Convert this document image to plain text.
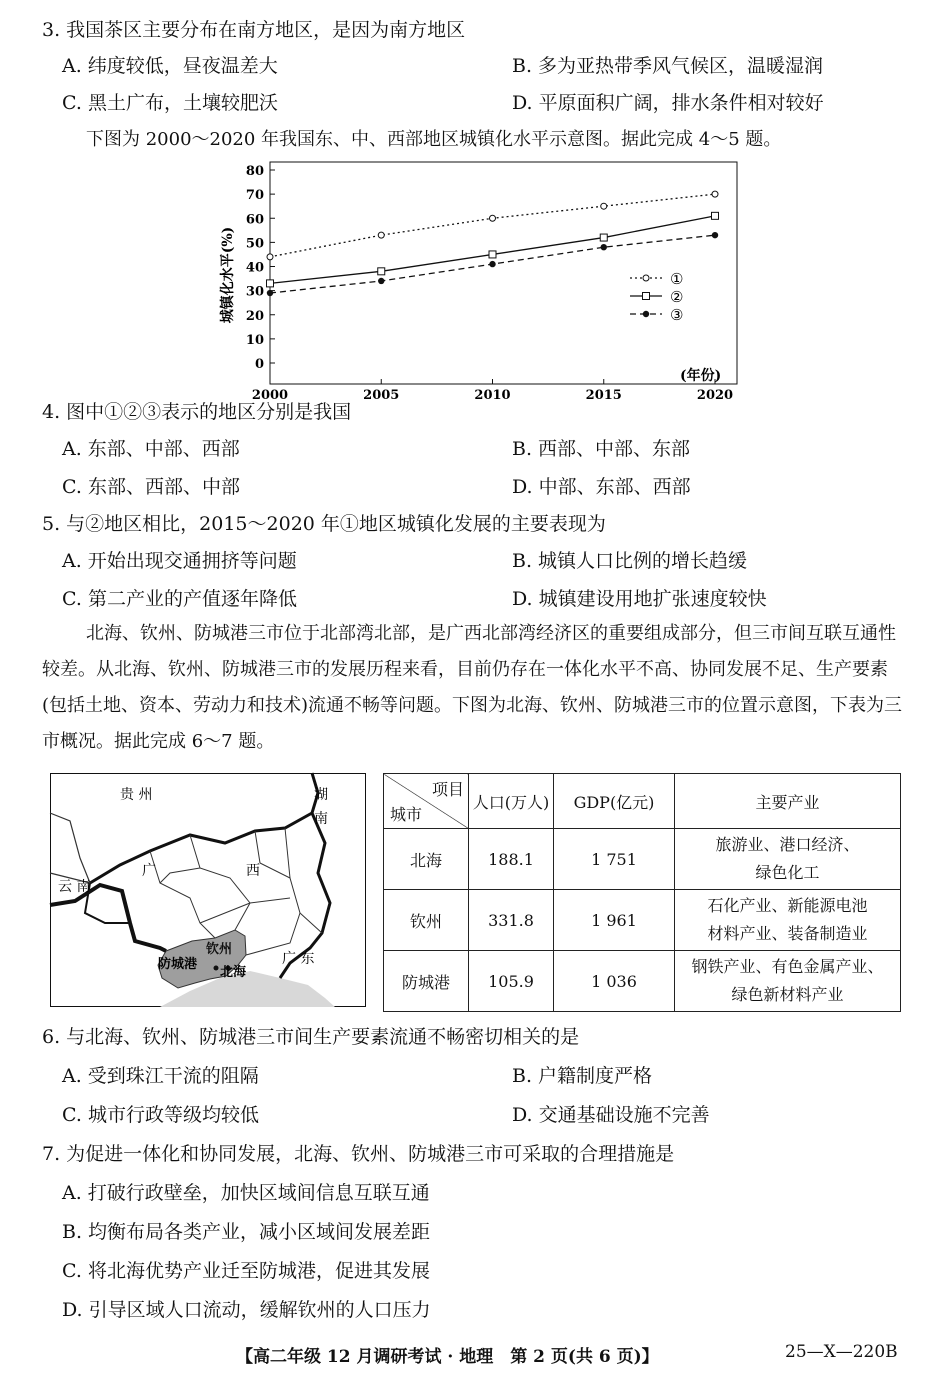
3. 我国茶区主要分布在南方地区，是因为南方地区
A. 纬度较低，昼夜温差大	B. 多为亚热带季风气候区，温暖湿润
C. 黑土广布，土壤较肥沃	D. 平原面积广阔，排水条件相对较好
下图为 2000～2020 年我国东、中、西部地区城镇化水平示意图。据此完成 4～5 题。
0
10
20
30
40
50
60
70
80
2000	2005	2010	2015	2020
①
②
③
城镇化水平(%)
(年份)
4. 图中①②③表示的地区分别是我国
A. 东部、中部、西部	B. 西部、中部、东部
C. 东部、西部、中部	D. 中部、东部、西部
5. 与②地区相比，2015～2020 年①地区城镇化发展的主要表现为
A. 开始出现交通拥挤等问题	B. 城镇人口比例的增长趋缓
C. 第二产业的产值逐年降低	D. 城镇建设用地扩张速度较快
北海、钦州、防城港三市位于北部湾北部，是广西北部湾经济区的重要组成部分，但三市间互联互通性较差。从北海、钦州、防城港三市的发展历程来看，目前仍存在一体化水平不高、协同发展不足、生产要素(包括土地、资本、劳动力和技术)流通不畅等问题。下图为北海、钦州、防城港三市的位置示意图，下表为三市概况。据此完成 6～7 题。
贵 州	湖
南
云 南
广	西
广 东
钦州
防城港
北海
项目
城市	人口(万人)	GDP(亿元)	主要产业
北海	188.1	1 751	旅游业、港口经济、
绿色化工
钦州	331.8	1 961	石化产业、新能源电池
材料产业、装备制造业
防城港	105.9	1 036	钢铁产业、有色金属产业、
绿色新材料产业
6. 与北海、钦州、防城港三市间生产要素流通不畅密切相关的是
A. 受到珠江干流的阻隔	B. 户籍制度严格
C. 城市行政等级均较低	D. 交通基础设施不完善
7. 为促进一体化和协同发展，北海、钦州、防城港三市可采取的合理措施是
A. 打破行政壁垒，加快区域间信息互联互通
B. 均衡布局各类产业，减小区域间发展差距
C. 将北海优势产业迁至防城港，促进其发展
D. 引导区域人口流动，缓解钦州的人口压力
【高二年级 12 月调研考试 · 地理　第 2 页(共 6 页)】	25—X—220B
